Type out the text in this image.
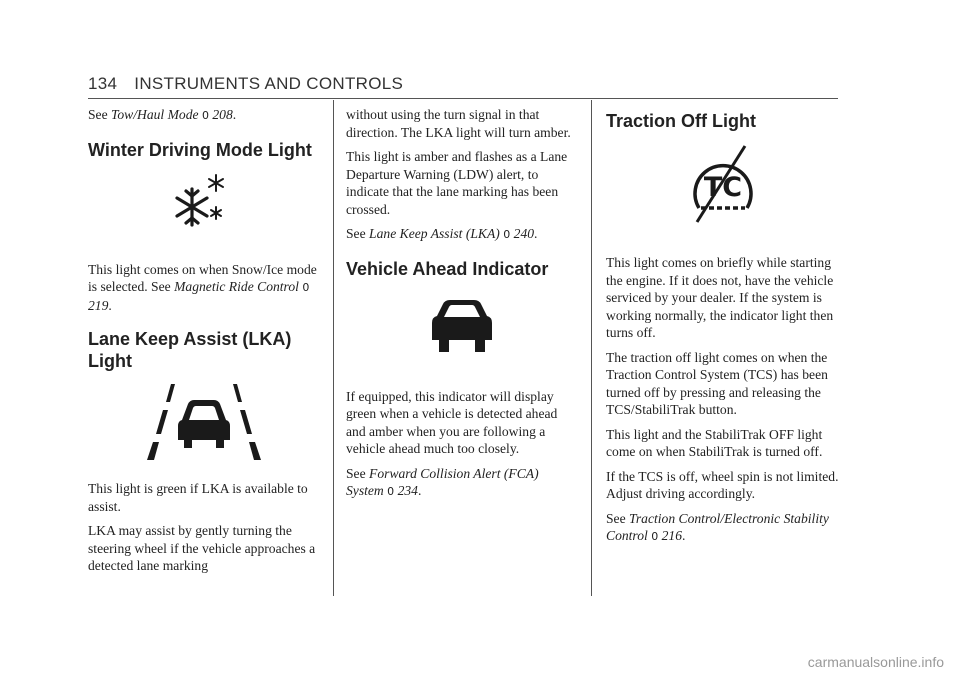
134 INSTRUMENTS AND CONTROLS

See Tow/Haul Mode 0 208.

Winter Driving Mode Light

This light comes on when Snow/Ice mode is selected. See Magnetic Ride Control 0 219.

Lane Keep Assist (LKA) Light

This light is green if LKA is available to assist.

LKA may assist by gently turning the steering wheel if the vehicle approaches a detected lane marking

without using the turn signal in that direction. The LKA light will turn amber.

This light is amber and flashes as a Lane Departure Warning (LDW) alert, to indicate that the lane marking has been crossed.

See Lane Keep Assist (LKA) 0 240.

Vehicle Ahead Indicator

If equipped, this indicator will display green when a vehicle is detected ahead and amber when you are following a vehicle ahead much too closely.

See Forward Collision Alert (FCA) System 0 234.

Traction Off Light
TC

This light comes on briefly while starting the engine. If it does not, have the vehicle serviced by your dealer. If the system is working normally, the indicator light then turns off.

The traction off light comes on when the Traction Control System (TCS) has been turned off by pressing and releasing the TCS/StabiliTrak button.

This light and the StabiliTrak OFF light come on when StabiliTrak is turned off.

If the TCS is off, wheel spin is not limited. Adjust driving accordingly.

See Traction Control/Electronic Stability Control 0 216.

carmanualsonline.info
